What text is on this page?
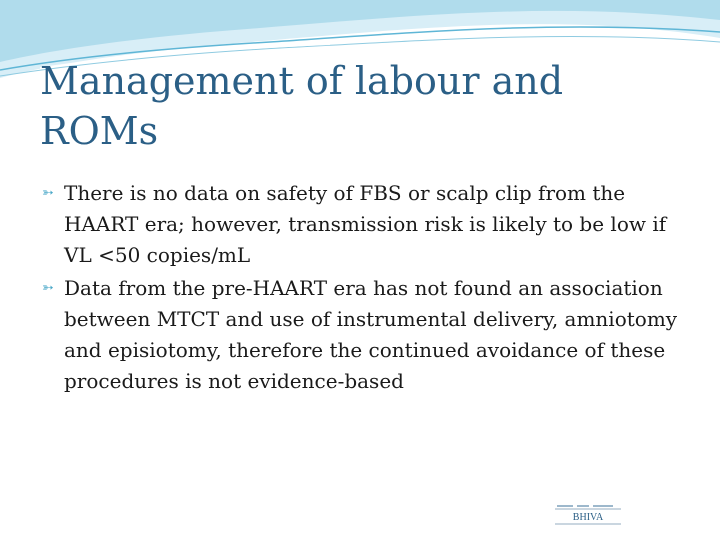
Management of labour and ROMs
➳ There is no data on safety of FBS or scalp clip from the HAART era; however, transmission risk is likely to be low if VL <50 copies/mL
➳ Data from the pre-HAART era has not found an association between MTCT and use of instrumental delivery, amniotomy and episiotomy, therefore the continued avoidance of these procedures is not evidence-based
BHIVA
